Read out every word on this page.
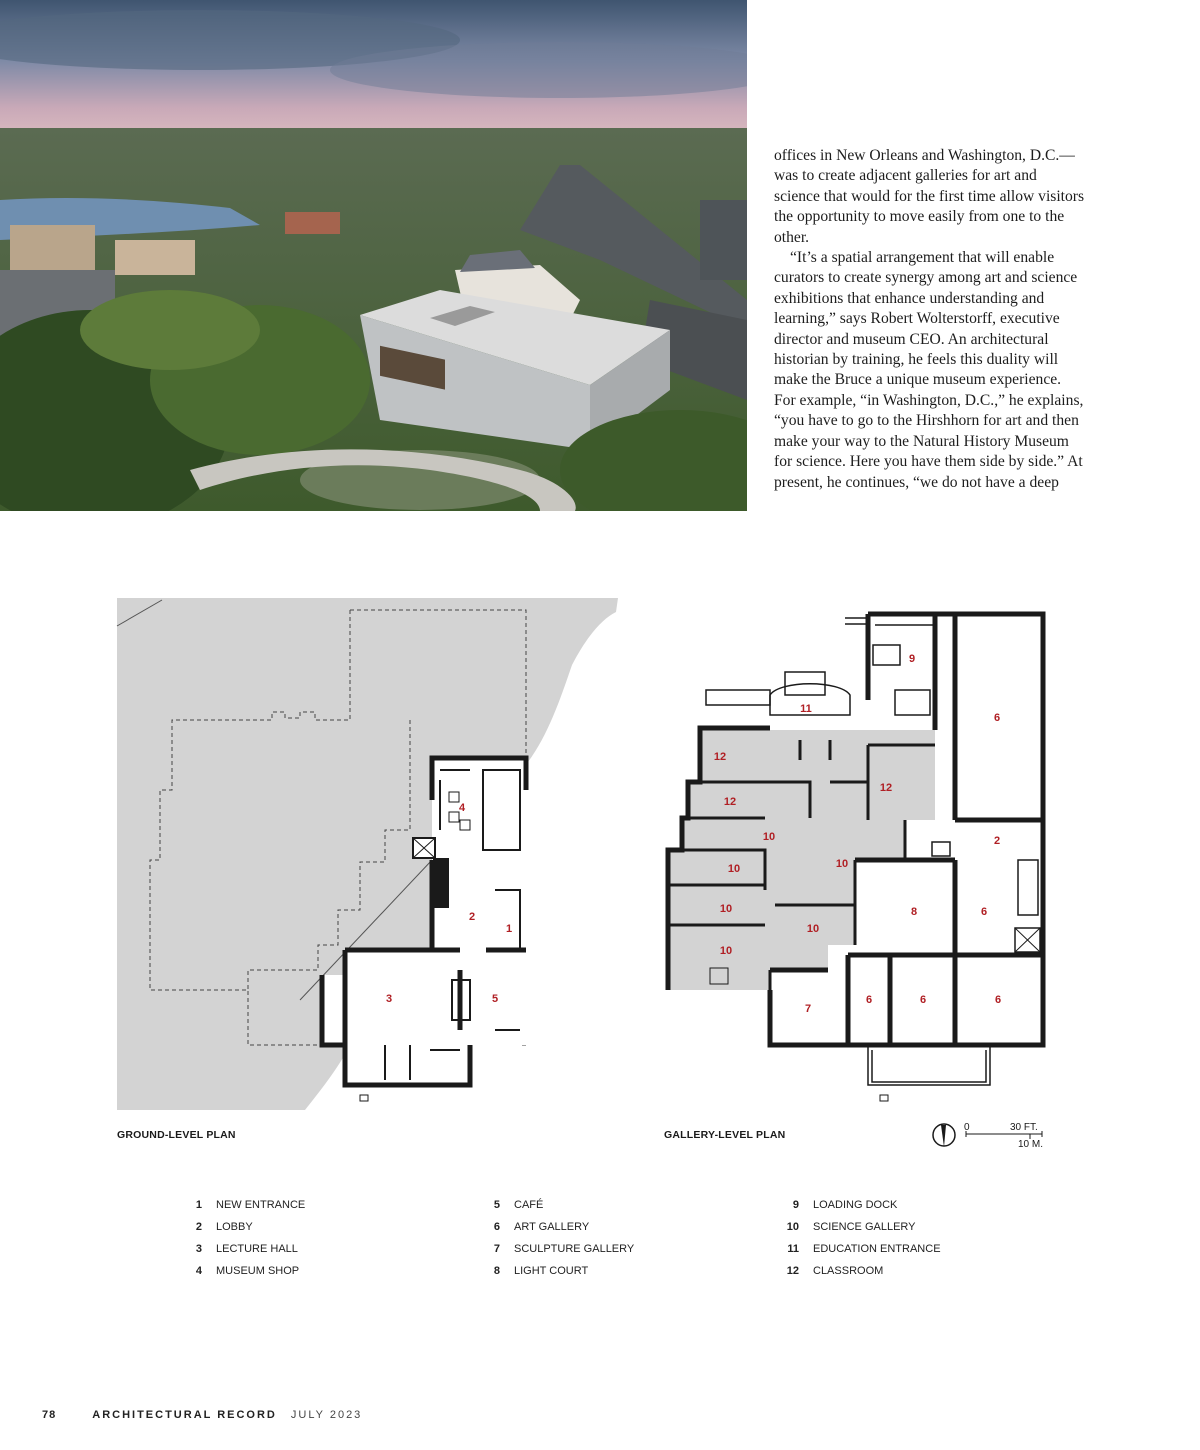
offices in New Orleans and Washington, D.C.—was to create adjacent galleries for art and science that would for the first time allow visitors the opportunity to move easily from one to the other.

“It’s a spatial arrangement that will enable curators to create synergy among art and science exhibitions that enhance understanding and learning,” says Robert Wolterstorff, executive director and museum CEO. An architectural historian by training, he feels this duality will make the Bruce a unique museum experience. For example, “in Washington, D.C.,” he explains, “you have to go to the Hirshhorn for art and then make your way to the Natural History Museum for science. Here you have them side by side.” At present, he continues, “we do not have a deep

4
2
1
3	5
9
6
11
12
12
12
2
10
10
10
8	6
10
10
10
6	6	6
7
GROUND-LEVEL PLAN	GALLERY-LEVEL PLAN
0	30 FT.
10 M.
1 NEW ENTRANCE
2 LOBBY
3 LECTURE HALL
4 MUSEUM SHOP
5 CAFÉ
6 ART GALLERY
7 SCULPTURE GALLERY
8 LIGHT COURT
9 LOADING DOCK
10 SCIENCE GALLERY
11 EDUCATION ENTRANCE
12 CLASSROOM
78	ARCHITECTURAL RECORD JULY 2023
